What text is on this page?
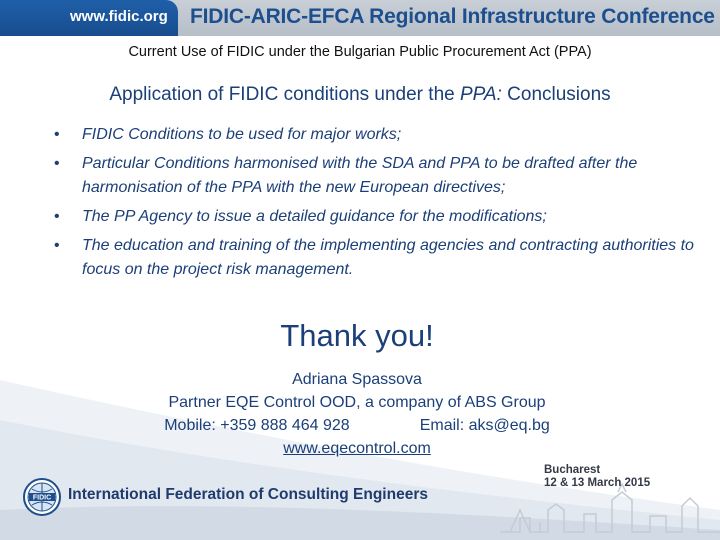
www.fidic.org FIDIC-ARIC-EFCA Regional Infrastructure Conference
Current Use of FIDIC under the Bulgarian Public Procurement Act (PPA)
Application of FIDIC conditions under the PPA: Conclusions
• FIDIC Conditions to be used for major works;
• Particular Conditions harmonised with the SDA and PPA to be drafted after the harmonisation of the PPA with the new European directives;
• The PP Agency to issue a detailed guidance for the modifications;
• The education and training of the implementing agencies and contracting authorities to focus on the project risk management.
Thank you!
Adriana Spassova
Partner EQE Control OOD, a company of ABS Group
Mobile: +359 888 464 928	Email: aks@eq.bg
www.eqecontrol.com
FIDIC International Federation of Consulting Engineers
Bucharest
12 & 13 March 2015
